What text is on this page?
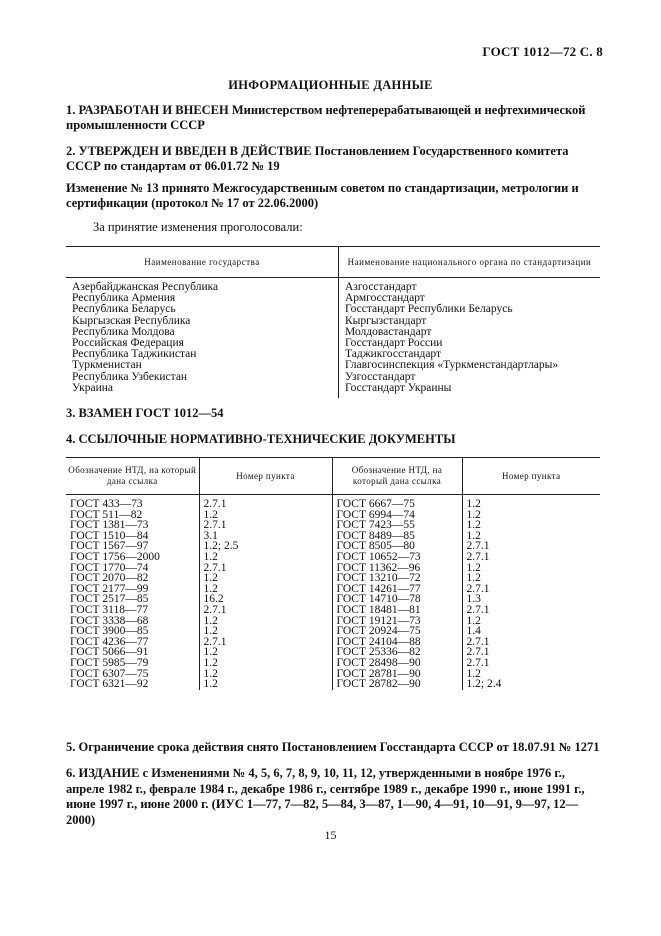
ГОСТ 1012—72 С. 8
ИНФОРМАЦИОННЫЕ ДАННЫЕ
1. РАЗРАБОТАН И ВНЕСЕН Министерством нефтеперерабатывающей и нефтехимической промышленности СССР
2. УТВЕРЖДЕН И ВВЕДЕН В ДЕЙСТВИЕ Постановлением Государственного комитета СССР по стандартам от 06.01.72 № 19
Изменение № 13 принято Межгосударственным советом по стандартизации, метрологии и сертификации (протокол № 17 от 22.06.2000)
За принятие изменения проголосовали:
Наименование государства	Наименование национального органа по стандартизации
Азербайджанская Республика	Азгосстандарт
Республика Армения	Армгосстандарт
Республика Беларусь	Госстандарт Республики Беларусь
Кыргызская Республика	Кыргызстандарт
Республика Молдова	Молдовастандарт
Российская Федерация	Госстандарт России
Республика Таджикистан	Таджикгосстандарт
Туркменистан	Главгосинспекция «Туркменстандартлары»
Республика Узбекистан	Узгосстандарт
Украина	Госстандарт Украины
3. ВЗАМЕН ГОСТ 1012—54
4. ССЫЛОЧНЫЕ НОРМАТИВНО-ТЕХНИЧЕСКИЕ ДОКУМЕНТЫ
Обозначение НТД, на который дана ссылка	Номер пункта	Обозначение НТД, на который дана ссылка	Номер пункта
ГОСТ 433—73	2.7.1	ГОСТ 6667—75	1.2
ГОСТ 511—82	1.2	ГОСТ 6994—74	1.2
ГОСТ 1381—73	2.7.1	ГОСТ 7423—55	1.2
ГОСТ 1510—84	3.1	ГОСТ 8489—85	1.2
ГОСТ 1567—97	1.2; 2.5	ГОСТ 8505—80	2.7.1
ГОСТ 1756—2000	1.2	ГОСТ 10652—73	2.7.1
ГОСТ 1770—74	2.7.1	ГОСТ 11362—96	1.2
ГОСТ 2070—82	1.2	ГОСТ 13210—72	1.2
ГОСТ 2177—99	1.2	ГОСТ 14261—77	2.7.1
ГОСТ 2517—85	16.2	ГОСТ 14710—78	1.3
ГОСТ 3118—77	2.7.1	ГОСТ 18481—81	2.7.1
ГОСТ 3338—68	1.2	ГОСТ 19121—73	1.2
ГОСТ 3900—85	1.2	ГОСТ 20924—75	1.4
ГОСТ 4236—77	2.7.1	ГОСТ 24104—88	2.7.1
ГОСТ 5066—91	1.2	ГОСТ 25336—82	2.7.1
ГОСТ 5985—79	1.2	ГОСТ 28498—90	2.7.1
ГОСТ 6307—75	1.2	ГОСТ 28781—90	1.2
ГОСТ 6321—92	1.2	ГОСТ 28782—90	1.2; 2.4
5. Ограничение срока действия снято Постановлением Госстандарта СССР от 18.07.91 № 1271
6. ИЗДАНИЕ с Изменениями № 4, 5, 6, 7, 8, 9, 10, 11, 12, утвержденными в ноябре 1976 г., апреле 1982 г., феврале 1984 г., декабре 1986 г., сентябре 1989 г., декабре 1990 г., июне 1991 г., июне 1997 г., июне 2000 г. (ИУС 1—77, 7—82, 5—84, 3—87, 1—90, 4—91, 10—91, 9—97, 12—2000)
15
